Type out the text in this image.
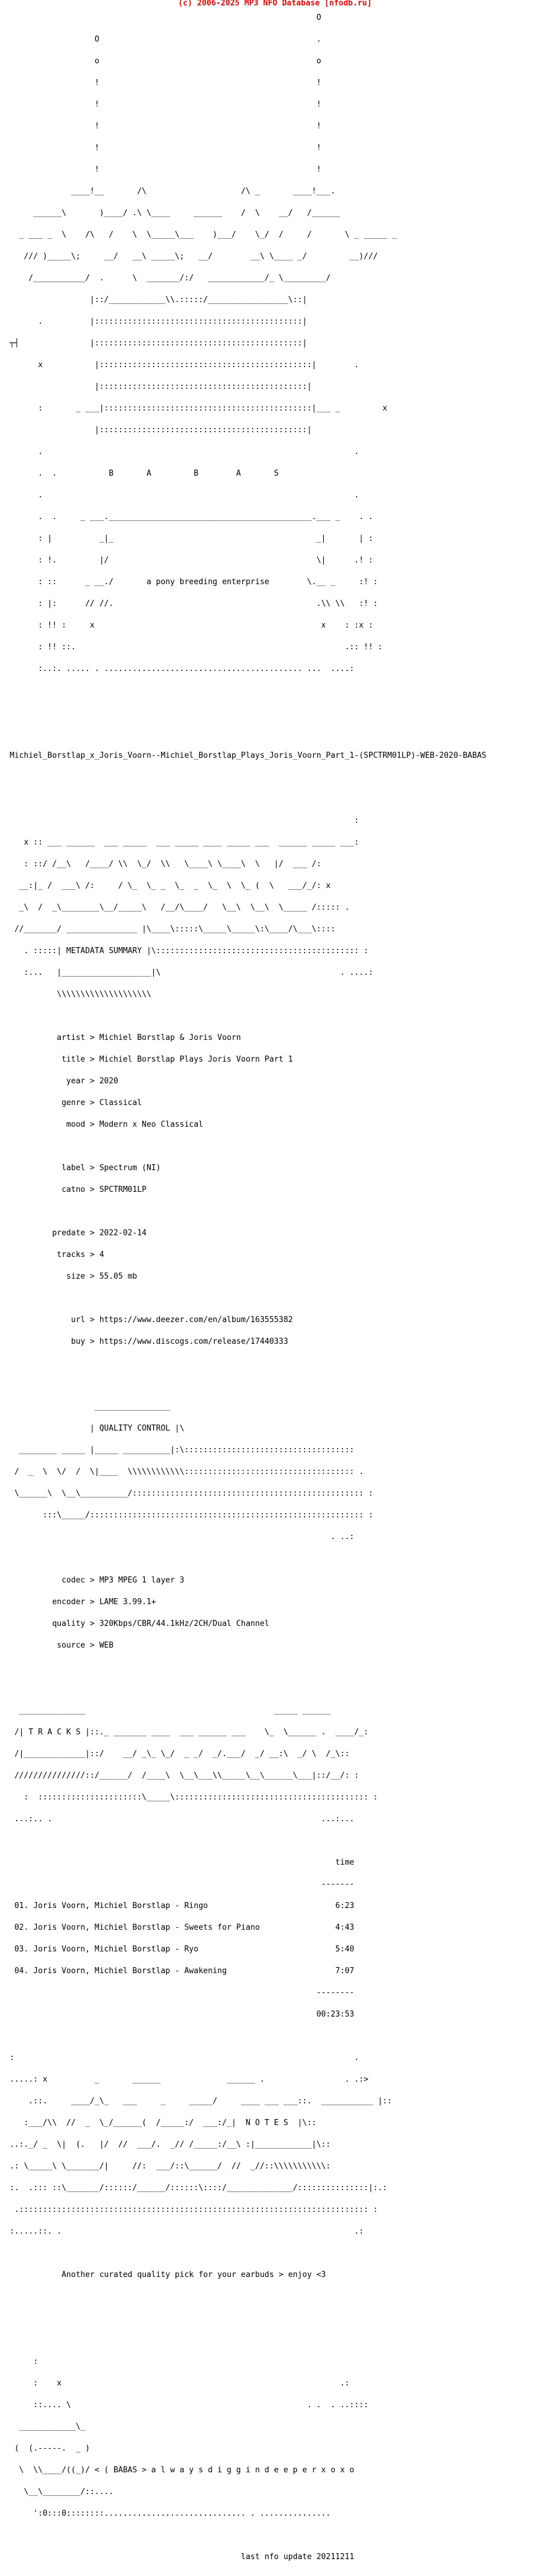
(c) 2006-2025 MP3 NFO Database [nfodb.ru]

O

O                                              .

o                                              o

!                                              !

!                                              !

!                                              !

!                                              !

!                                              !

____!__       /\                    /\ _       ____!___.

______\       )____/ .\ \____     ______    /  \    __/   /______

_ ___ _  \    /\   /    \  \_____\___    )___/    \_/  /     /       \ _ _____ _

/// )_____\;     __/   __\ _____\;   __/        __\ \____ _/         __)///

/___________/  .      \  _______/:/   ____________/_ \_________/

|::/____________\\.:::::/_________________\::|

.          |::::::::::::::::::::::::::::::::::::::::::::|

┬┤               |::::::::::::::::::::::::::::::::::::::::::::|

x           |:::::::::::::::::::::::::::::::::::::::::::::|        .

|::::::::::::::::::::::::::::::::::::::::::::|

:       _ ___|::::::::::::::::::::::::::::::::::::::::::::|___ _         x

|::::::::::::::::::::::::::::::::::::::::::::|

.                                                                  .

.  .           B       A         B        A       S

.                                                                  .

.  .     _ ___.___________________________________________.___ _    . .

: |          _|_                                           _|       | :

: !.         |/                                            \|      .! :

: ::      _ __./       a pony breeding enterprise        \.__ _     :! :

: |:      // //.                                           .\\ \\   :! :

: !! :     x                                                x    : :x :

: !! ::.                                                         .:: !! :

:..:. ..... . .......................................... ...  ....:

Michiel_Borstlap_x_Joris_Voorn--Michiel_Borstlap_Plays_Joris_Voorn_Part_1-(SPCTRM01LP)-WEB-2020-BABAS

:

x :: ___ ______  ___ _____  ___ _____ ____ _____ ___  ______ _____ ___:

: ::/ /__\   /____/ \\  \_/  \\   \____\ \____\  \   |/  ___ /:

__:|_ /  ___\ /:     / \_  \_ _  \_  _  \_  \  \_ (  \   ___/_/: x

_\  /  _\________\__/_____\   /__/\____/   \__\  \__\  \_____ /::::: .

//_______/ _______________ |\____\:::::\_____\_____\:\____/\___\::::

. :::::| METADATA SUMMARY |\::::::::::::::::::::::::::::::::::::::::::: :

:...   |___________________|\                                      . ....:

\\\\\\\\\\\\\\\\\\\\

artist > Michiel Borstlap & Joris Voorn

title > Michiel Borstlap Plays Joris Voorn Part 1

year > 2020

genre > Classical

mood > Modern x Neo Classical

label > Spectrum (NI)

catno > SPCTRM01LP

predate > 2022-02-14

tracks > 4

size > 55.05 mb

url > https://www.deezer.com/en/album/163555382

buy > https://www.discogs.com/release/17440333

________________

| QUALITY CONTROL |\

________ _____ |_____ __________|:\::::::::::::::::::::::::::::::::::::

/  _  \  \/  /  \|____  \\\\\\\\\\\\:::::::::::::::::::::::::::::::::::: .

\______\  \__\__________/::::::::::::::::::::::::::::::::::::::::::::::::: :

:::\_____/:::::::::::::::::::::::::::::::::::::::::::::::::::::::::: :

. ..:

codec > MP3 MPEG 1 layer 3

encoder > LAME 3.99.1+

quality > 320Kbps/CBR/44.1kHz/2CH/Dual Channel

source > WEB

______________                                        _____ ______

/| T R A C K S |::._ _______ ____  ___ ______ ___    \_  \______ .  ____/_:

/|_____________|::/    __/ _\_ \_/  _ _/  _/.___/  _/ __:\  _/ \  /_\::

///////////////::/______/  /____\  \__\___\\_____\__\______\___|::/__/: :

:  ::::::::::::::::::::::\_____\::::::::::::::::::::::::::::::::::::::::: :

...:.. .                                                         ...:...

time

-------

01. Joris Voorn, Michiel Borstlap - Ringo                           6:23

02. Joris Voorn, Michiel Borstlap - Sweets for Piano                4:43

03. Joris Voorn, Michiel Borstlap - Ryo                             5:40

04. Joris Voorn, Michiel Borstlap - Awakening                       7:07

--------

00:23:53

:                                                                        .

.....: x          _       ______              ______ .                 . .:>

.::.     ____/_\_   ___     _     _____/     ____ ___ ___::.  ___________ |::

:___/\\  //  _  \_/______(  /_____:/  ___:/_|  N O T E S  |\::

..:._/ _  \|  (.   |/  //  ___/.  _// /_____:/__\ :|____________|\::

.: \_____\ \_______/|     //:  ___/::\______/  //  _//::\\\\\\\\\\\:

:.  .::: ::\_______/::::::/______/::::::\::::/______________/:::::::::::::::|:.:

.:::::::::::::::::::::::::::::::::::::::::::::::::::::::::::::::::::::::::: :

:.....::. .                                                              .:

Another curated quality pick for your earbuds > enjoy <3

:

:    x                                                           .:

::.... \                                                  . .  . ..::::

____________\_

(  (.-----.  _ )

\  \\____/((_)/ < ( BABAS > a l w a y s d i g g i n d e e p e r x o x o

\__\________/::....

':0:::0::::::::.............................. . ...............

last nfo update 20211211
